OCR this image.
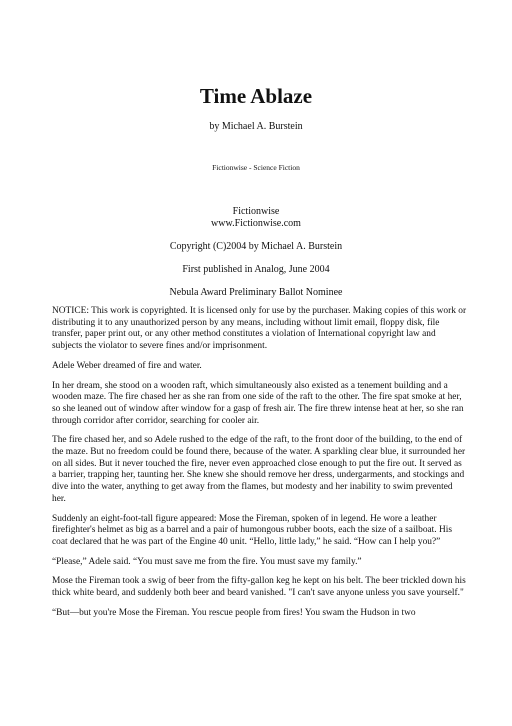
Time Ablaze
by Michael A. Burstein
Fictionwise - Science Fiction
Fictionwise
www.Fictionwise.com
Copyright (C)2004 by Michael A. Burstein
First published in Analog, June 2004
Nebula Award Preliminary Ballot Nominee

NOTICE: This work is copyrighted. It is licensed only for use by the purchaser. Making copies of this work or distributing it to any unauthorized person by any means, including without limit email, floppy disk, file transfer, paper print out, or any other method constitutes a violation of International copyright law and subjects the violator to severe fines and/or imprisonment.

Adele Weber dreamed of fire and water.

In her dream, she stood on a wooden raft, which simultaneously also existed as a tenement building and a wooden maze. The fire chased her as she ran from one side of the raft to the other. The fire spat smoke at her, so she leaned out of window after window for a gasp of fresh air. The fire threw intense heat at her, so she ran through corridor after corridor, searching for cooler air.

The fire chased her, and so Adele rushed to the edge of the raft, to the front door of the building, to the end of the maze. But no freedom could be found there, because of the water. A sparkling clear blue, it surrounded her on all sides. But it never touched the fire, never even approached close enough to put the fire out. It served as a barrier, trapping her, taunting her. She knew she should remove her dress, undergarments, and stockings and dive into the water, anything to get away from the flames, but modesty and her inability to swim prevented her.

Suddenly an eight-foot-tall figure appeared: Mose the Fireman, spoken of in legend. He wore a leather firefighter's helmet as big as a barrel and a pair of humongous rubber boots, each the size of a sailboat. His coat declared that he was part of the Engine 40 unit. “Hello, little lady,” he said. “How can I help you?”

“Please,” Adele said. “You must save me from the fire. You must save my family.”

Mose the Fireman took a swig of beer from the fifty-gallon keg he kept on his belt. The beer trickled down his thick white beard, and suddenly both beer and beard vanished. "I can't save anyone unless you save yourself."

“But—but you're Mose the Fireman. You rescue people from fires! You swam the Hudson in two
